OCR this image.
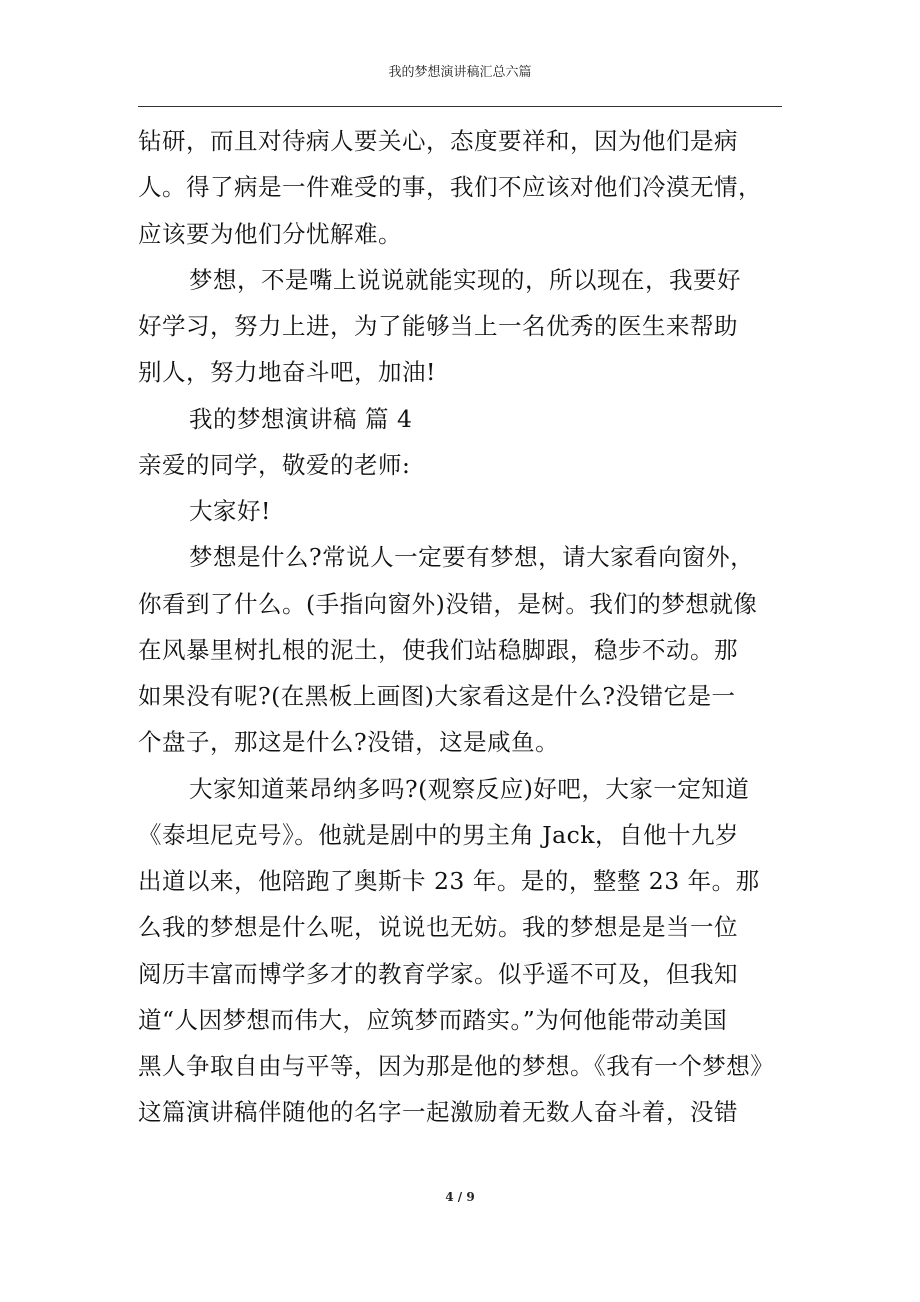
我的梦想演讲稿汇总六篇
钻研，而且对待病人要关心，态度要祥和，因为他们是病
人。得了病是一件难受的事，我们不应该对他们冷漠无情，
应该要为他们分忧解难。
梦想，不是嘴上说说就能实现的，所以现在，我要好
好学习，努力上进，为了能够当上一名优秀的医生来帮助
别人，努力地奋斗吧，加油!
我的梦想演讲稿 篇 4
亲爱的同学，敬爱的老师:
大家好!
梦想是什么?常说人一定要有梦想，请大家看向窗外，
你看到了什么。(手指向窗外)没错，是树。我们的梦想就像
在风暴里树扎根的泥土，使我们站稳脚跟，稳步不动。那
如果没有呢?(在黑板上画图)大家看这是什么?没错它是一
个盘子，那这是什么?没错，这是咸鱼。
大家知道莱昂纳多吗?(观察反应)好吧，大家一定知道
《泰坦尼克号》。他就是剧中的男主角 Jack，自他十九岁
出道以来，他陪跑了奥斯卡 23 年。是的，整整 23 年。那
么我的梦想是什么呢，说说也无妨。我的梦想是是当一位
阅历丰富而博学多才的教育学家。似乎遥不可及，但我知
道“人因梦想而伟大，应筑梦而踏实。”为何他能带动美国
黑人争取自由与平等，因为那是他的梦想。《我有一个梦想》
这篇演讲稿伴随他的名字一起激励着无数人奋斗着，没错
4 / 9
